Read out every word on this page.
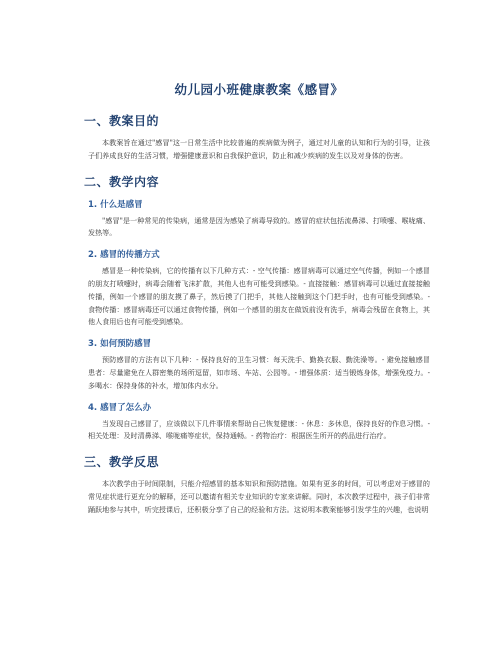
幼儿园小班健康教案《感冒》
一、教案目的

本教案旨在通过"感冒"这一日常生活中比较普遍的疾病做为例子，通过对儿童的认知和行为的引导，让孩子们养成良好的生活习惯，增强健康意识和自我保护意识，防止和减少疾病的发生以及对身体的伤害。

二、教学内容
1. 什么是感冒

"感冒"是一种常见的传染病，通常是因为感染了病毒导致的。感冒的症状包括流鼻涕、打喷嚏、喉咙痛、发热等。

2. 感冒的传播方式

感冒是一种传染病，它的传播有以下几种方式：- 空气传播：感冒病毒可以通过空气传播，例如一个感冒的朋友打喷嚏时，病毒会随着飞沫扩散，其他人也有可能受到感染。- 直接接触：感冒病毒可以通过直接接触传播，例如一个感冒的朋友摸了鼻子，然后摸了门把手，其他人接触到这个门把手时，也有可能受到感染。- 食物传播：感冒病毒还可以通过食物传播，例如一个感冒的朋友在做饭前没有洗手，病毒会残留在食物上，其他人食用后也有可能受到感染。

3. 如何预防感冒

预防感冒的方法有以下几种：- 保持良好的卫生习惯：每天洗手、勤换衣服、勤洗澡等。- 避免接触感冒患者：尽量避免在人群密集的场所逗留，如市场、车站、公园等。- 增强体质：适当锻炼身体，增强免疫力。- 多喝水：保持身体的补水，增加体内水分。

4. 感冒了怎么办

当发现自己感冒了，应该做以下几件事情来帮助自己恢复健康：- 休息：多休息，保持良好的作息习惯。- 相关处理：及时清鼻涕、喉咙痛等症状，保持通畅。- 药物治疗：根据医生所开的药品进行治疗。

三、教学反思

本次教学由于时间限制，只能介绍感冒的基本知识和预防措施。如果有更多的时间，可以考虑对于感冒的常见症状进行更充分的解释，还可以邀请有相关专业知识的专家来讲解。同时，本次教学过程中，孩子们非常踊跃地参与其中，听完授课后，还积极分享了自己的经验和方法。这说明本教案能够引发学生的兴趣，也说明
